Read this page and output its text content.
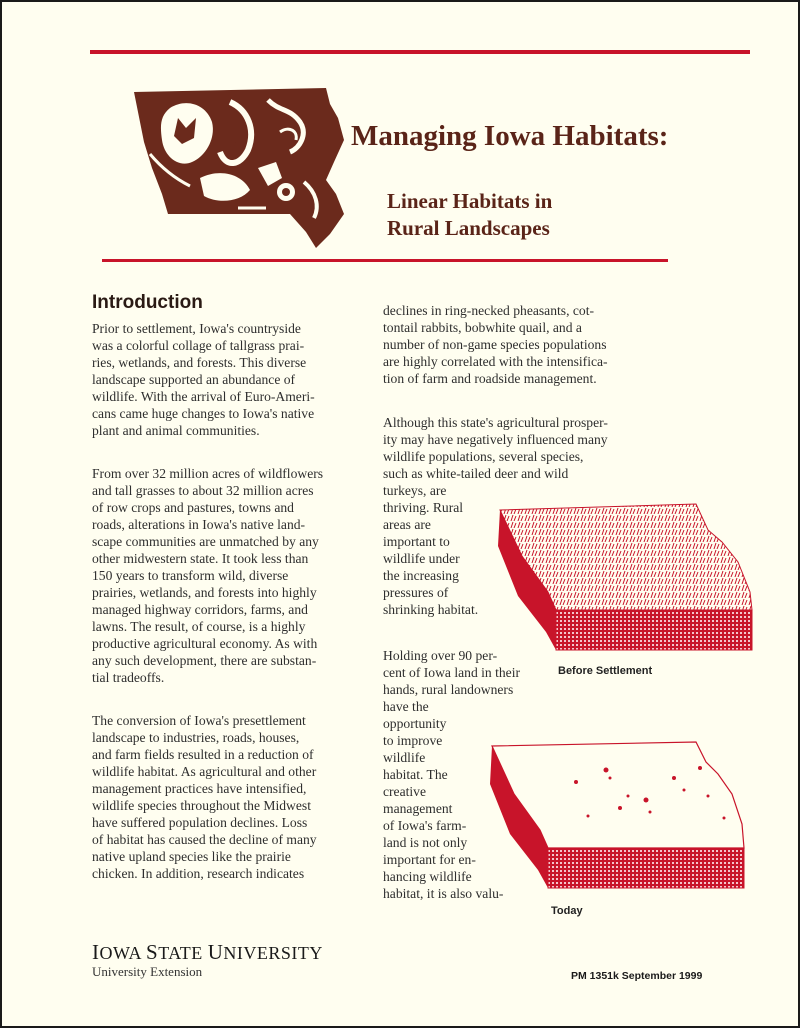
Managing Iowa Habitats:
Linear Habitats in
Rural Landscapes
Introduction

Prior to settlement, Iowa's countryside

was a colorful collage of tallgrass prai-

ries, wetlands, and forests. This diverse

landscape supported an abundance of

wildlife. With the arrival of Euro-Ameri-

cans came huge changes to Iowa's native

plant and animal communities.

From over 32 million acres of wildflowers

and tall grasses to about 32 million acres

of row crops and pastures, towns and

roads, alterations in Iowa's native land-

scape communities are unmatched by any

other midwestern state. It took less than

150 years to transform wild, diverse

prairies, wetlands, and forests into highly

managed highway corridors, farms, and

lawns. The result, of course, is a highly

productive agricultural economy. As with

any such development, there are substan-

tial tradeoffs.

The conversion of Iowa's presettlement

landscape to industries, roads, houses,

and farm fields resulted in a reduction of

wildlife habitat. As agricultural and other

management practices have intensified,

wildlife species throughout the Midwest

have suffered population declines. Loss

of habitat has caused the decline of many

native upland species like the prairie

chicken. In addition, research indicates

declines in ring-necked pheasants, cot-

tontail rabbits, bobwhite quail, and a

number of non-game species populations

are highly correlated with the intensifica-

tion of farm and roadside management.

Although this state's agricultural prosper-

ity may have negatively influenced many

wildlife populations, several species,

such as white-tailed deer and wild

turkeys, are

thriving. Rural

areas are

important to

wildlife under

the increasing

pressures of

shrinking habitat.

Holding over 90 per-

cent of Iowa land in their

hands, rural landowners

have the

opportunity

to improve

wildlife

habitat. The

creative

management

of Iowa's farm-

land is not only

important for en-

hancing wildlife

habitat, it is also valu-

Before Settlement

Today

IOWA STATE UNIVERSITY

University Extension	PM 1351k September 1999
